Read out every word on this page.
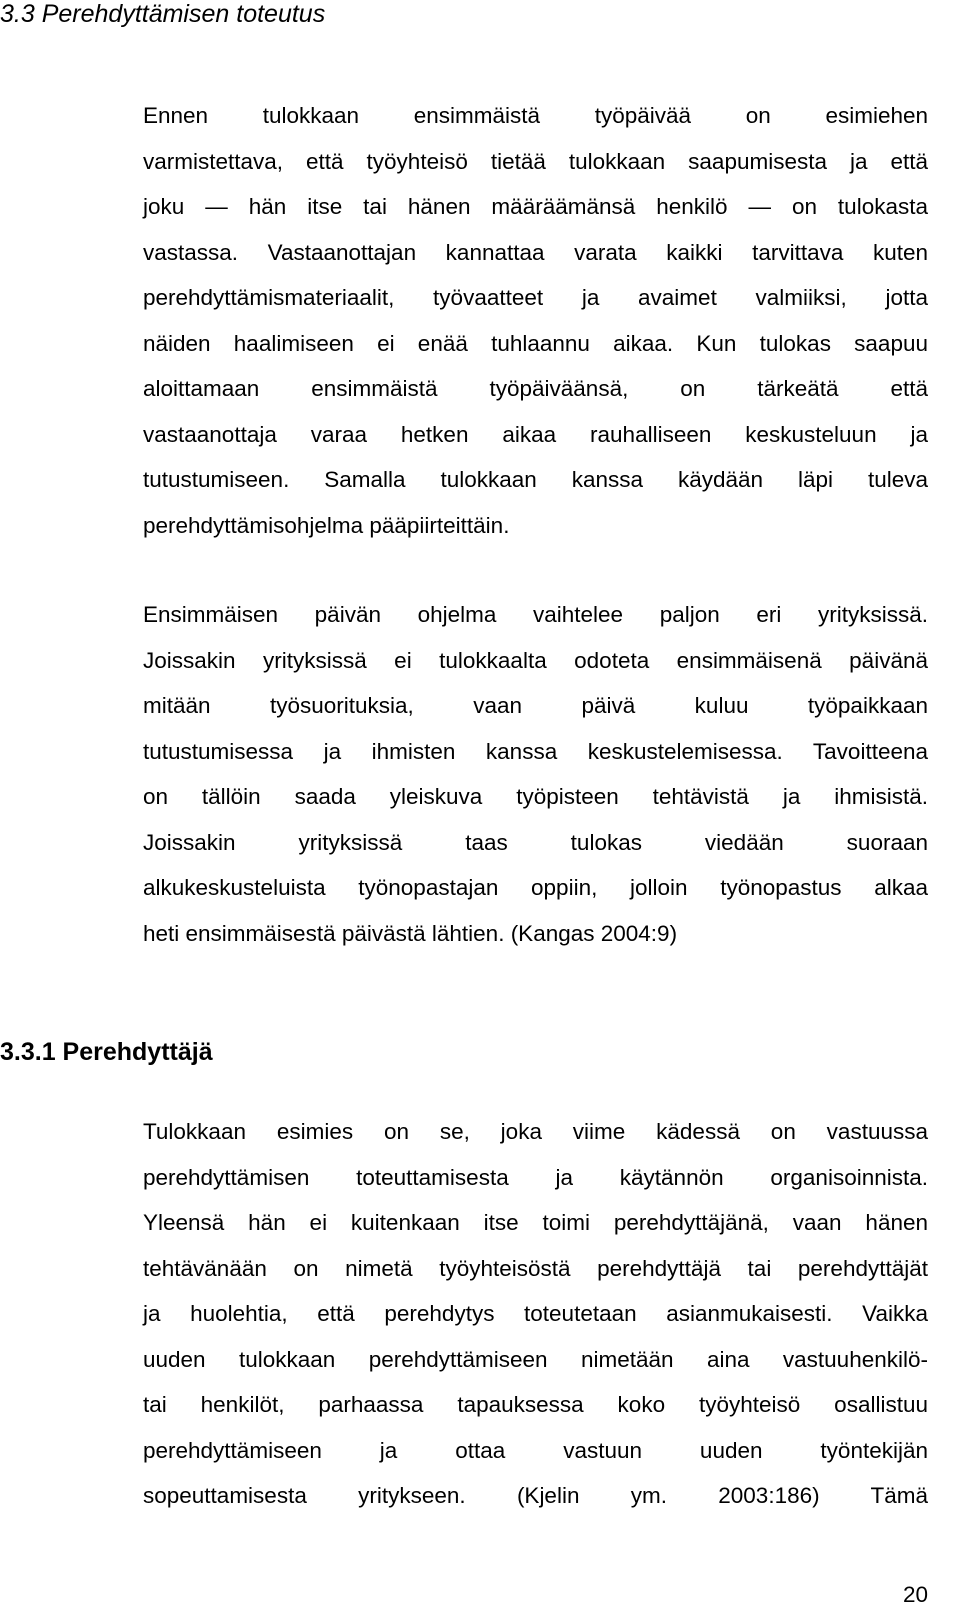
3.3 Perehdyttämisen toteutus
Ennen tulokkaan ensimmäistä työpäivää on esimiehen
varmistettava, että työyhteisö tietää tulokkaan saapumisesta ja että
joku — hän itse tai hänen määräämänsä henkilö — on tulokasta
vastassa. Vastaanottajan kannattaa varata kaikki tarvittava kuten
perehdyttämismateriaalit, työvaatteet ja avaimet valmiiksi, jotta
näiden haalimiseen ei enää tuhlaannu aikaa. Kun tulokas saapuu
aloittamaan ensimmäistä työpäiväänsä, on tärkeätä että
vastaanottaja varaa hetken aikaa rauhalliseen keskusteluun ja
tutustumiseen. Samalla tulokkaan kanssa käydään läpi tuleva
perehdyttämisohjelma pääpiirteittäin.
Ensimmäisen päivän ohjelma vaihtelee paljon eri yrityksissä.
Joissakin yrityksissä ei tulokkaalta odoteta ensimmäisenä päivänä
mitään työsuorituksia, vaan päivä kuluu työpaikkaan
tutustumisessa ja ihmisten kanssa keskustelemisessa. Tavoitteena
on tällöin saada yleiskuva työpisteen tehtävistä ja ihmisistä.
Joissakin yrityksissä taas tulokas viedään suoraan
alkukeskusteluista työnopastajan oppiin, jolloin työnopastus alkaa
heti ensimmäisestä päivästä lähtien. (Kangas 2004:9)
3.3.1 Perehdyttäjä
Tulokkaan esimies on se, joka viime kädessä on vastuussa
perehdyttämisen toteuttamisesta ja käytännön organisoinnista.
Yleensä hän ei kuitenkaan itse toimi perehdyttäjänä, vaan hänen
tehtävänään on nimetä työyhteisöstä perehdyttäjä tai perehdyttäjät
ja huolehtia, että perehdytys toteutetaan asianmukaisesti. Vaikka
uuden tulokkaan perehdyttämiseen nimetään aina vastuuhenkilö-
tai henkilöt, parhaassa tapauksessa koko työyhteisö osallistuu
perehdyttämiseen ja ottaa vastuun uuden työntekijän
sopeuttamisesta yritykseen. (Kjelin ym. 2003:186) Tämä
20
